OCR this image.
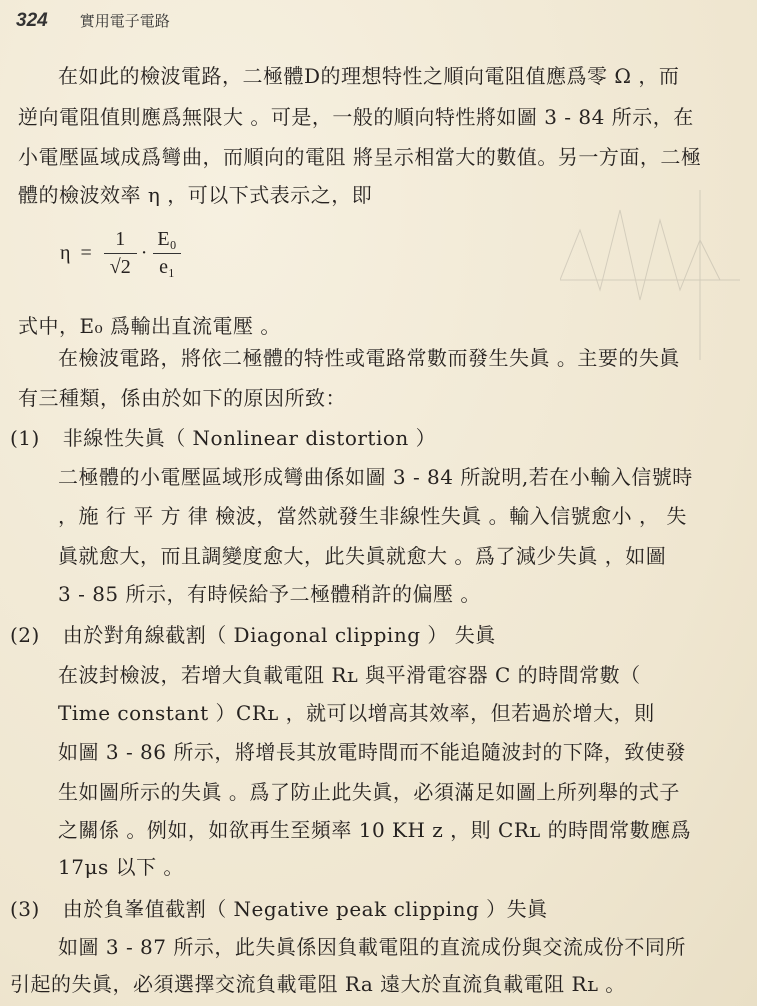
324 實用電子電路
在如此的檢波電路，二極體D的理想特性之順向電阻值應爲零 Ω ，而
逆向電阻值則應爲無限大 。可是，一般的順向特性將如圖 3 - 84 所示，在
小電壓區域成爲彎曲，而順向的電阻 將呈示相當大的數值。另一方面，二極
體的檢波效率 η ，可以下式表示之，即
$\eta = \frac{1}{√2} \cdot \frac{\text{E₀}}{\text{e₁}}$
式中，E₀ 爲輸出直流電壓 。
在檢波電路，將依二極體的特性或電路常數而發生失眞 。主要的失眞
有三種類，係由於如下的原因所致：
(1) 非線性失眞（ Nonlinear distortion ）
二極體的小電壓區域形成彎曲係如圖 3 - 84 所說明,若在小輸入信號時
，施 行 平 方 律 檢波，當然就發生非線性失眞 。輸入信號愈小 ， 失
眞就愈大，而且調變度愈大，此失眞就愈大 。爲了減少失眞 ，如圖
3 - 85 所示，有時候給予二極體稍許的偏壓 。
(2) 由於對角線截割（ Diagonal clipping ） 失眞
在波封檢波，若增大負載電阻 Rʟ 與平滑電容器 C 的時間常數（
Time constant ）CRʟ ，就可以增高其效率，但若過於增大，則
如圖 3 - 86 所示，將增長其放電時間而不能追隨波封的下降，致使發
生如圖所示的失眞 。爲了防止此失眞，必須滿足如圖上所列舉的式子
之關係 。例如，如欲再生至頻率 10 KH z ，則 CRʟ 的時間常數應爲
17μs 以下 。
(3) 由於負峯值截割（ Negative peak clipping ）失眞
如圖 3 - 87 所示，此失眞係因負載電阻的直流成份與交流成份不同所
引起的失眞，必須選擇交流負載電阻 Ra 遠大於直流負載電阻 Rʟ 。
